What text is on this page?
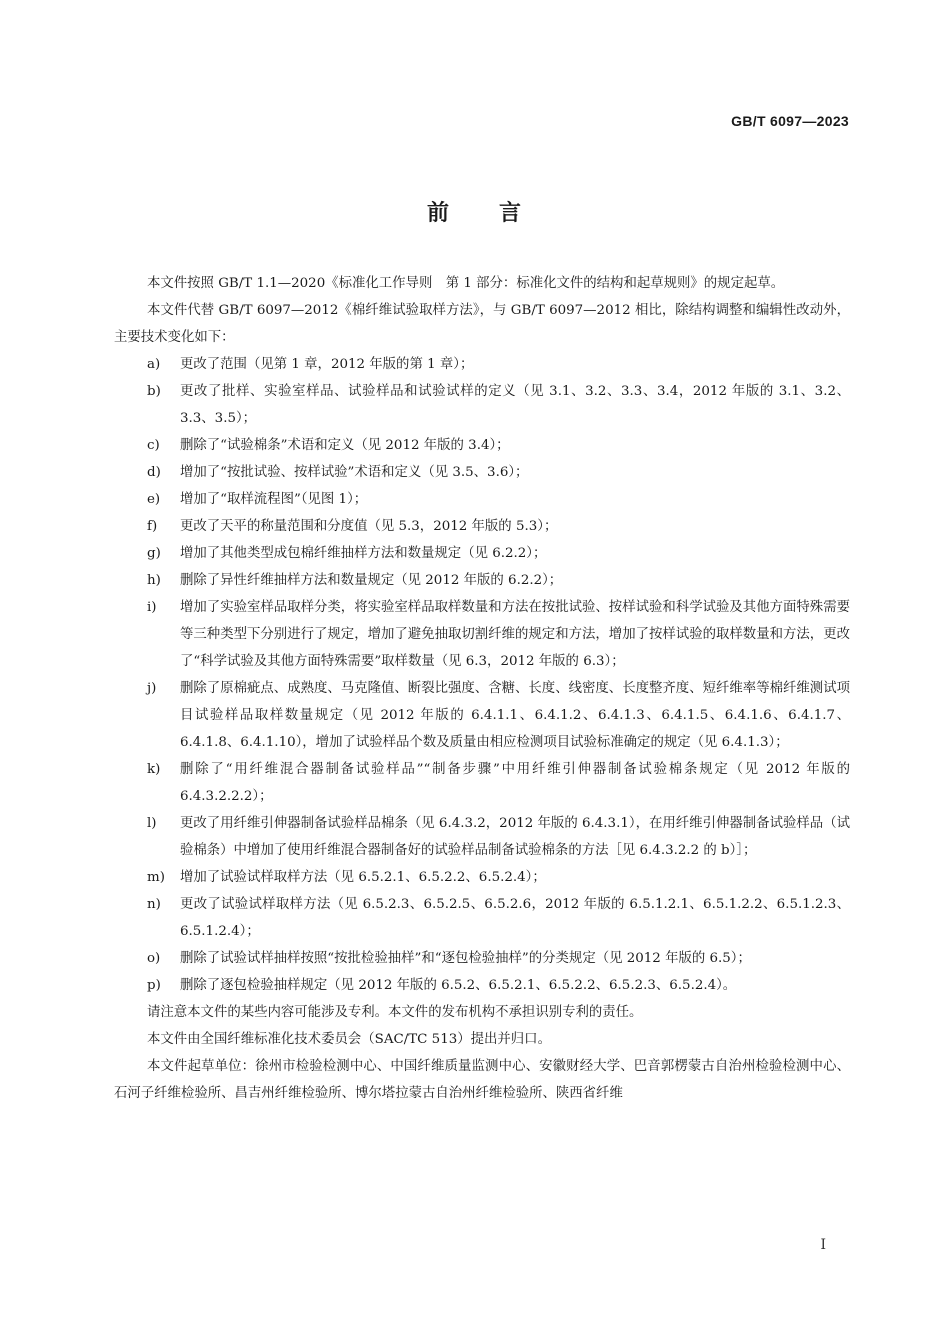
GB/T 6097—2023
前 言

本文件按照 GB/T 1.1—2020《标准化工作导则　第 1 部分：标准化文件的结构和起草规则》的规定起草。

本文件代替 GB/T 6097—2012《棉纤维试验取样方法》，与 GB/T 6097—2012 相比，除结构调整和编辑性改动外，主要技术变化如下：

a)	更改了范围（见第 1 章，2012 年版的第 1 章）；
b)	更改了批样、实验室样品、试验样品和试验试样的定义（见 3.1、3.2、3.3、3.4，2012 年版的 3.1、3.2、3.3、3.5）；
c)	删除了“试验棉条”术语和定义（见 2012 年版的 3.4）；
d)	增加了“按批试验、按样试验”术语和定义（见 3.5、3.6）；
e)	增加了“取样流程图”（见图 1）；
f)	更改了天平的称量范围和分度值（见 5.3，2012 年版的 5.3）；
g)	增加了其他类型成包棉纤维抽样方法和数量规定（见 6.2.2）；
h)	删除了异性纤维抽样方法和数量规定（见 2012 年版的 6.2.2）；
i)	增加了实验室样品取样分类，将实验室样品取样数量和方法在按批试验、按样试验和科学试验及其他方面特殊需要等三种类型下分别进行了规定，增加了避免抽取切割纤维的规定和方法，增加了按样试验的取样数量和方法，更改了“科学试验及其他方面特殊需要”取样数量（见 6.3，2012 年版的 6.3）；
j)	删除了原棉疵点、成熟度、马克隆值、断裂比强度、含糖、长度、线密度、长度整齐度、短纤维率等棉纤维测试项目试验样品取样数量规定（见 2012 年版的 6.4.1.1、6.4.1.2、6.4.1.3、6.4.1.5、6.4.1.6、6.4.1.7、6.4.1.8、6.4.1.10），增加了试验样品个数及质量由相应检测项目试验标准确定的规定（见 6.4.1.3）；
k)	删除了“用纤维混合器制备试验样品”“制备步骤”中用纤维引伸器制备试验棉条规定（见 2012 年版的 6.4.3.2.2.2）；
l)	更改了用纤维引伸器制备试验样品棉条（见 6.4.3.2，2012 年版的 6.4.3.1），在用纤维引伸器制备试验样品（试验棉条）中增加了使用纤维混合器制备好的试验样品制备试验棉条的方法［见 6.4.3.2.2 的 b）］；
m)	增加了试验试样取样方法（见 6.5.2.1、6.5.2.2、6.5.2.4）；
n)	更改了试验试样取样方法（见 6.5.2.3、6.5.2.5、6.5.2.6，2012 年版的 6.5.1.2.1、6.5.1.2.2、6.5.1.2.3、6.5.1.2.4）；
o)	删除了试验试样抽样按照“按批检验抽样”和“逐包检验抽样”的分类规定（见 2012 年版的 6.5）；
p)	删除了逐包检验抽样规定（见 2012 年版的 6.5.2、6.5.2.1、6.5.2.2、6.5.2.3、6.5.2.4）。

请注意本文件的某些内容可能涉及专利。本文件的发布机构不承担识别专利的责任。

本文件由全国纤维标准化技术委员会（SAC/TC 513）提出并归口。

本文件起草单位：徐州市检验检测中心、中国纤维质量监测中心、安徽财经大学、巴音郭楞蒙古自治州检验检测中心、石河子纤维检验所、昌吉州纤维检验所、博尔塔拉蒙古自治州纤维检验所、陕西省纤维

Ⅰ
